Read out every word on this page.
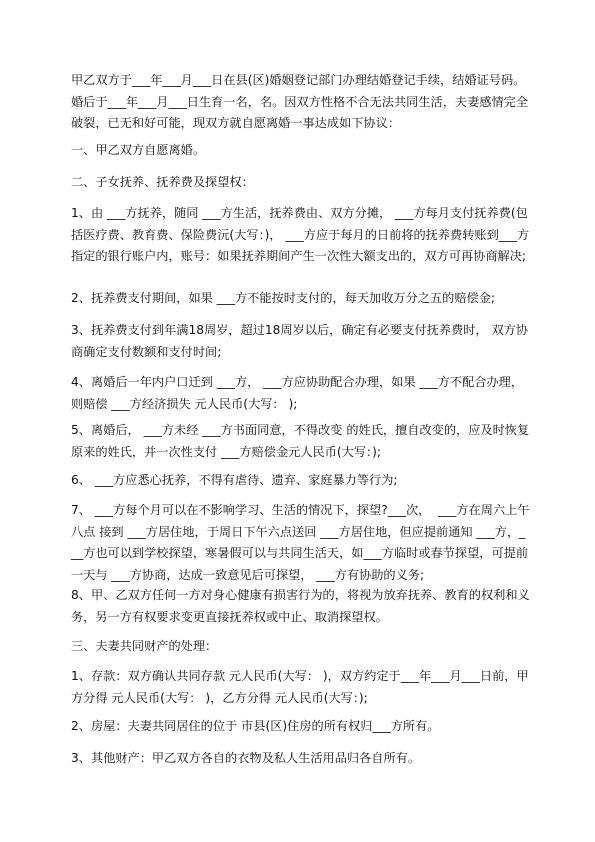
甲乙双方于___年___月___日在县(区)婚姻登记部门办理结婚登记手续，结婚证号码。婚后于___年___月___日生育一名，名。因双方性格不合无法共同生活，夫妻感情完全破裂，已无和好可能，现双方就自愿离婚一事达成如下协议：

一、甲乙双方自愿离婚。

二、子女抚养、抚养费及探望权：

1、由 ___方抚养，随同 ___方生活，抚养费由、双方分摊， ___方每月支付抚养费(包括医疗费、教育费、保险费沅(大写：)， ___方应于每月的日前将的抚养费转账到___方指定的银行账户内，账号：如果抚养期间产生一次性大额支出的，双方可再协商解决;

2、抚养费支付期间，如果 ___方不能按时支付的，每天加收万分之五的赔偿金;

3、抚养费支付到年满18周岁，超过18周岁以后，确定有必要支付抚养费时， 双方协商确定支付数额和支付时间;

4、离婚后一年内户口迁到 ___方， ___方应协助配合办理，如果 ___方不配合办理，则赔偿 ___方经济损失 元人民币(大写： );

5、离婚后， ___方未经 ___方书面同意，不得改变 的姓氏，擅自改变的，应及时恢复原来的姓氏，并一次性支付 ___方赔偿金元人民币(大写：);

6、 ___方应悉心抚养，不得有虐待、遗弃、家庭暴力等行为;

7、 ___方每个月可以在不影响学习、生活的情况下，探望?___次，  ___方在周六上午八点 接到 ___方居住地，于周日下午六点送回 ___方居住地，但应提前通知 ___方，___方也可以到学校探望，寒暑假可以与共同生活天，如___方临时或春节探望，可提前一天与 ___方协商，达成一致意见后可探望， ___方有协助的义务;

8、甲、乙双方任何一方对身心健康有损害行为的，将视为放弃抚养、教育的权利和义务，另一方有权要求变更直接抚养权或中止、取消探望权。

三、夫妻共同财产的处理：

1、存款：双方确认共同存款 元人民币(大写： )，双方约定于___年___月___日前，甲方分得 元人民币(大写： )，乙方分得 元人民币(大写：);

2、房屋：夫妻共同居住的位于 市县(区)住房的所有权归___方所有。

3、其他财产：甲乙双方各自的衣物及私人生活用品归各自所有。
